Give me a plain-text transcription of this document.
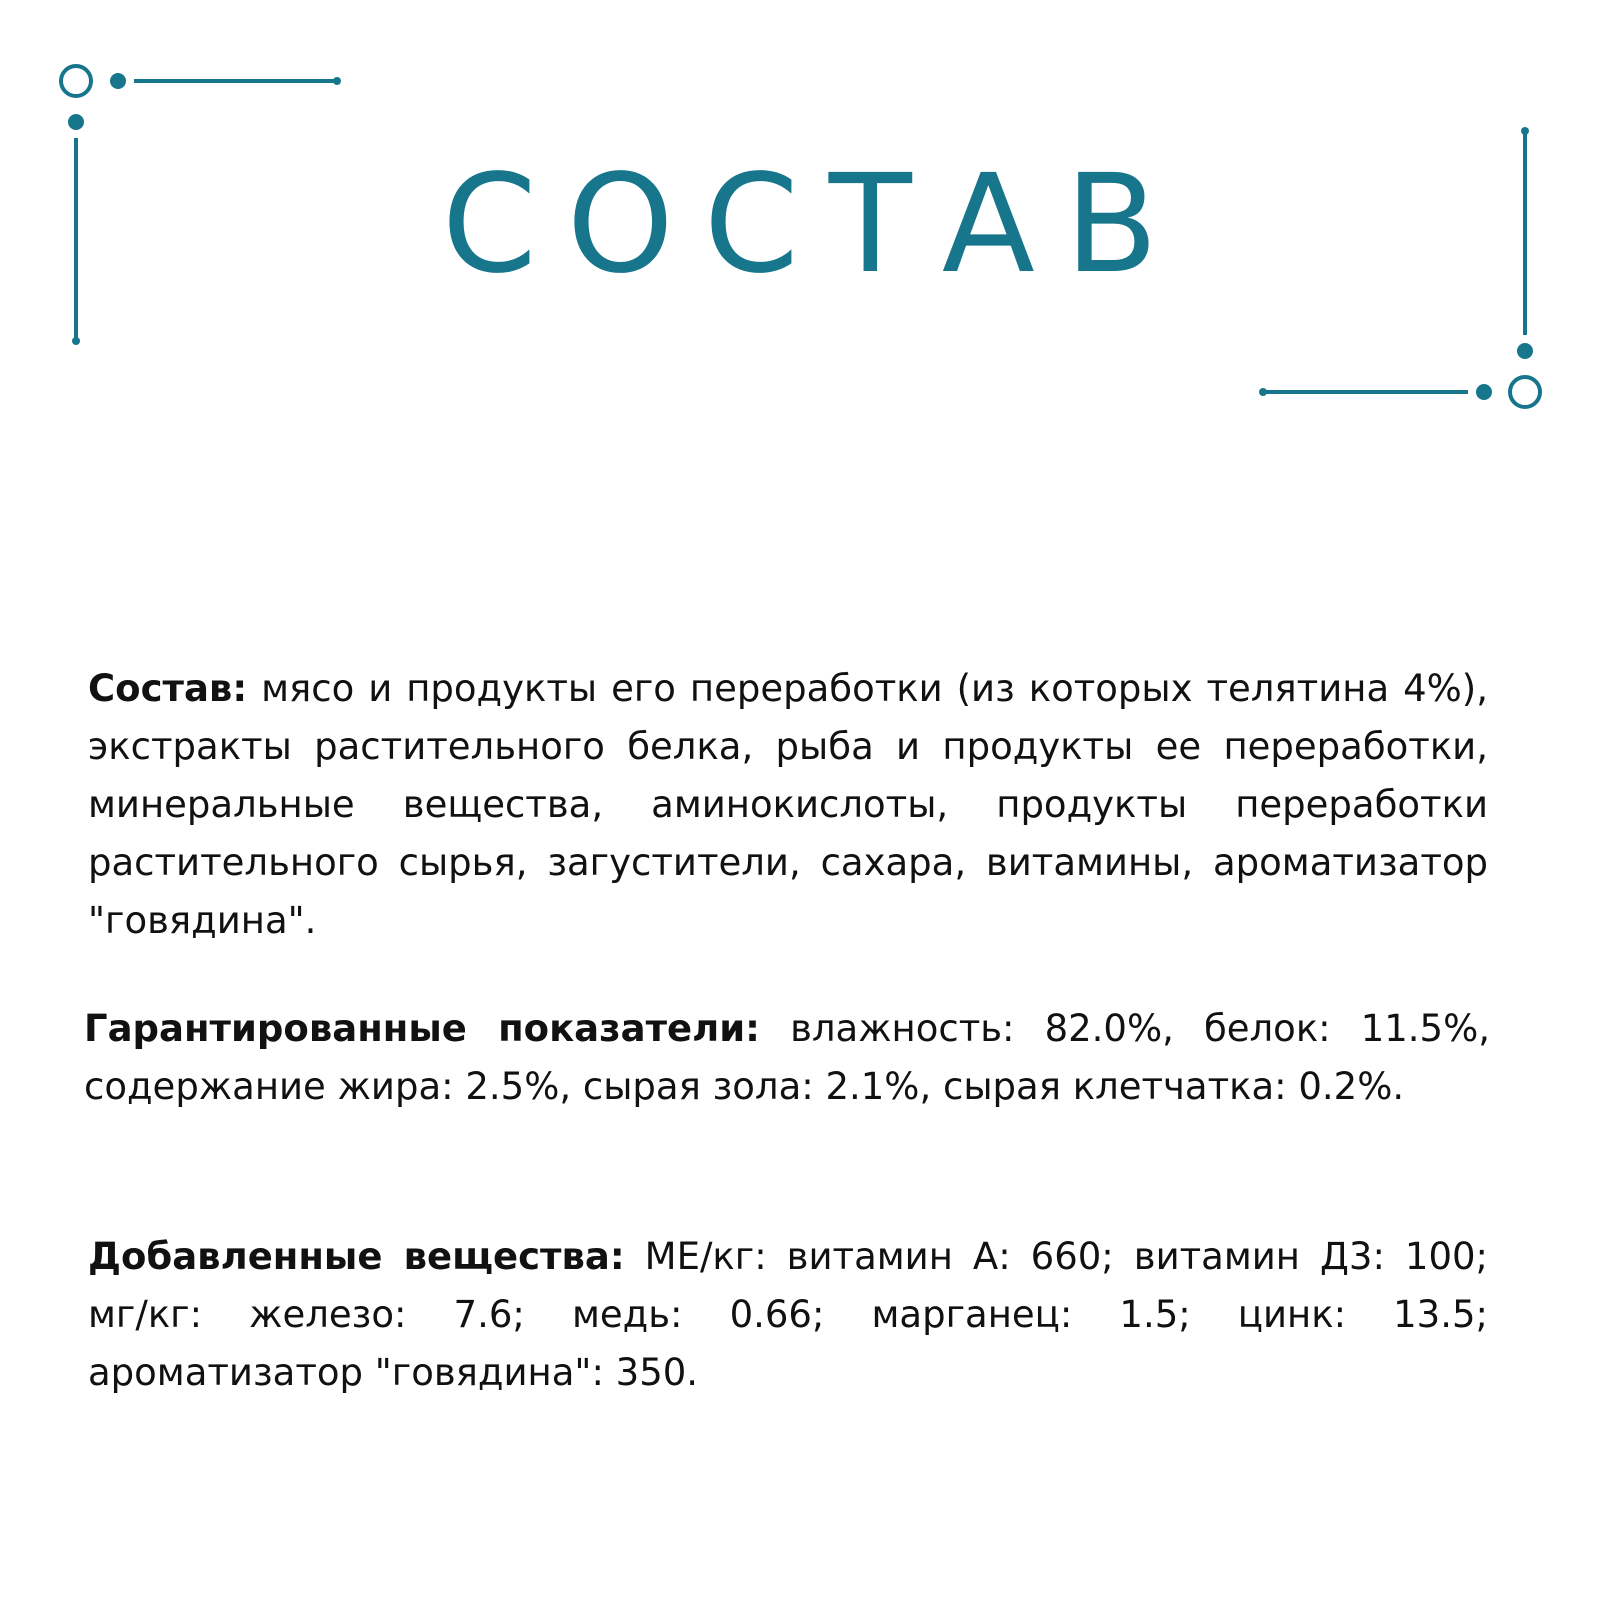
СОСТАВ

Состав: мясо и продукты его переработки (из которых телятина 4%), экстракты растительного белка, рыба и продукты ее переработки, минеральные вещества, аминокислоты, продукты переработки растительного сырья, загустители, сахара, витамины, ароматизатор "говядина".

Гарантированные показатели: влажность: 82.0%, белок: 11.5%, содержание жира: 2.5%, сырая зола: 2.1%, сырая клетчатка: 0.2%.

Добавленные вещества: МЕ/кг: витамин А: 660; витамин Д3: 100; мг/кг: железо: 7.6; медь: 0.66; марганец: 1.5; цинк: 13.5; ароматизатор "говядина": 350.
